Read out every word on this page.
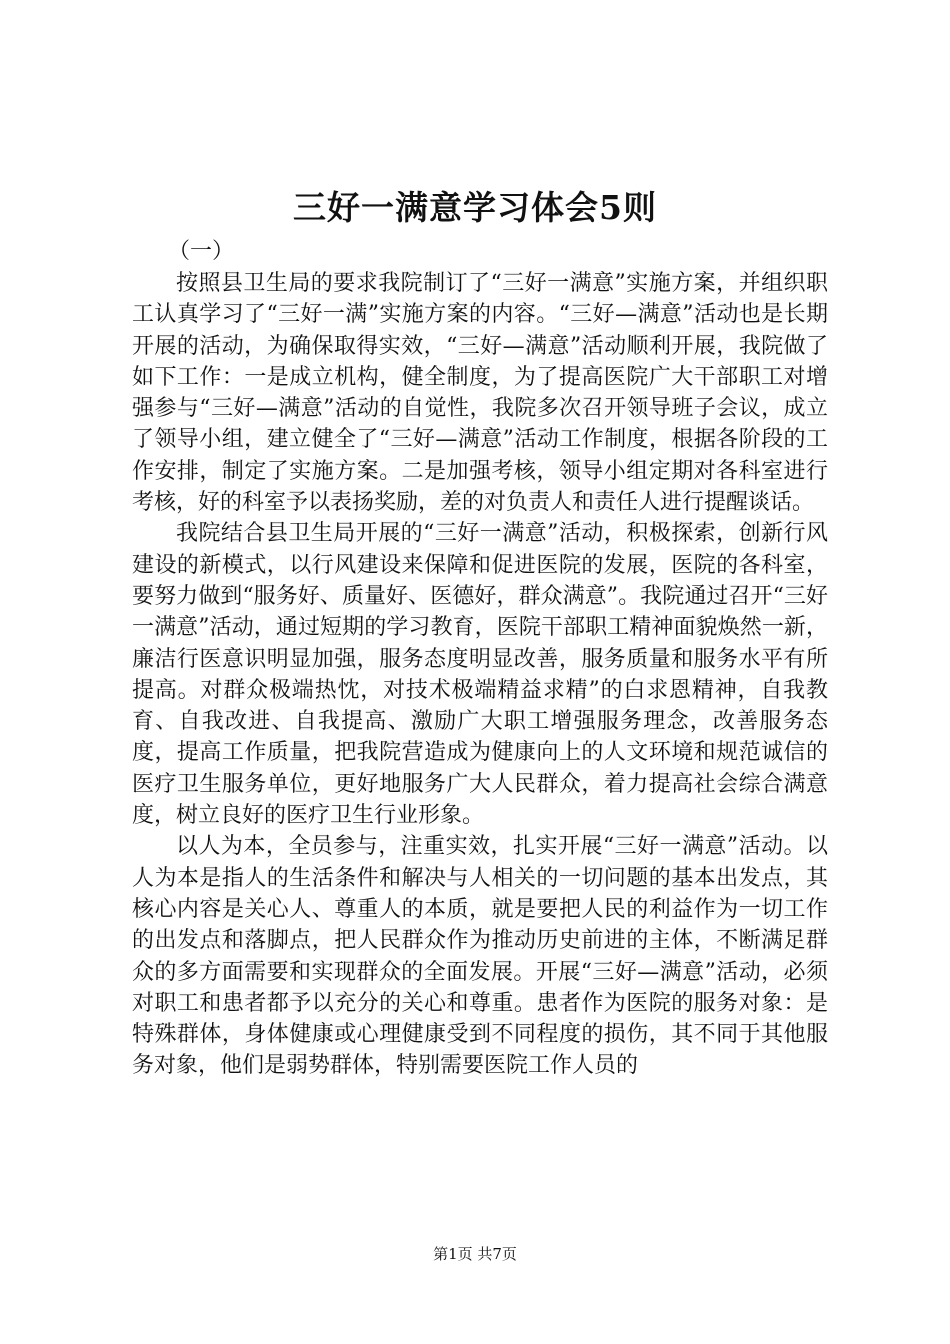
三好一满意学习体会5则
（一）

按照县卫生局的要求我院制订了“三好一满意”实施方案，并组织职工认真学习了“三好一满”实施方案的内容。“三好—满意”活动也是长期开展的活动，为确保取得实效，“三好—满意”活动顺利开展，我院做了如下工作：一是成立机构，健全制度，为了提高医院广大干部职工对增强参与“三好—满意”活动的自觉性，我院多次召开领导班子会议，成立了领导小组，建立健全了“三好—满意”活动工作制度，根据各阶段的工作安排，制定了实施方案。二是加强考核，领导小组定期对各科室进行考核，好的科室予以表扬奖励，差的对负责人和责任人进行提醒谈话。

我院结合县卫生局开展的“三好一满意”活动，积极探索，创新行风建设的新模式，以行风建设来保障和促进医院的发展，医院的各科室，要努力做到“服务好、质量好、医德好，群众满意”。我院通过召开“三好一满意”活动，通过短期的学习教育，医院干部职工精神面貌焕然一新，廉洁行医意识明显加强，服务态度明显改善，服务质量和服务水平有所提高。对群众极端热忱，对技术极端精益求精”的白求恩精神，自我教育、自我改进、自我提高、激励广大职工增强服务理念，改善服务态度，提高工作质量，把我院营造成为健康向上的人文环境和规范诚信的医疗卫生服务单位，更好地服务广大人民群众，着力提高社会综合满意度，树立良好的医疗卫生行业形象。

以人为本，全员参与，注重实效，扎实开展“三好一满意”活动。以人为本是指人的生活条件和解决与人相关的一切问题的基本出发点，其核心内容是关心人、尊重人的本质，就是要把人民的利益作为一切工作的出发点和落脚点，把人民群众作为推动历史前进的主体，不断满足群众的多方面需要和实现群众的全面发展。开展“三好—满意”活动，必须对职工和患者都予以充分的关心和尊重。患者作为医院的服务对象：是特殊群体，身体健康或心理健康受到不同程度的损伤，其不同于其他服务对象，他们是弱势群体，特别需要医院工作人员的

第1页 共7页
